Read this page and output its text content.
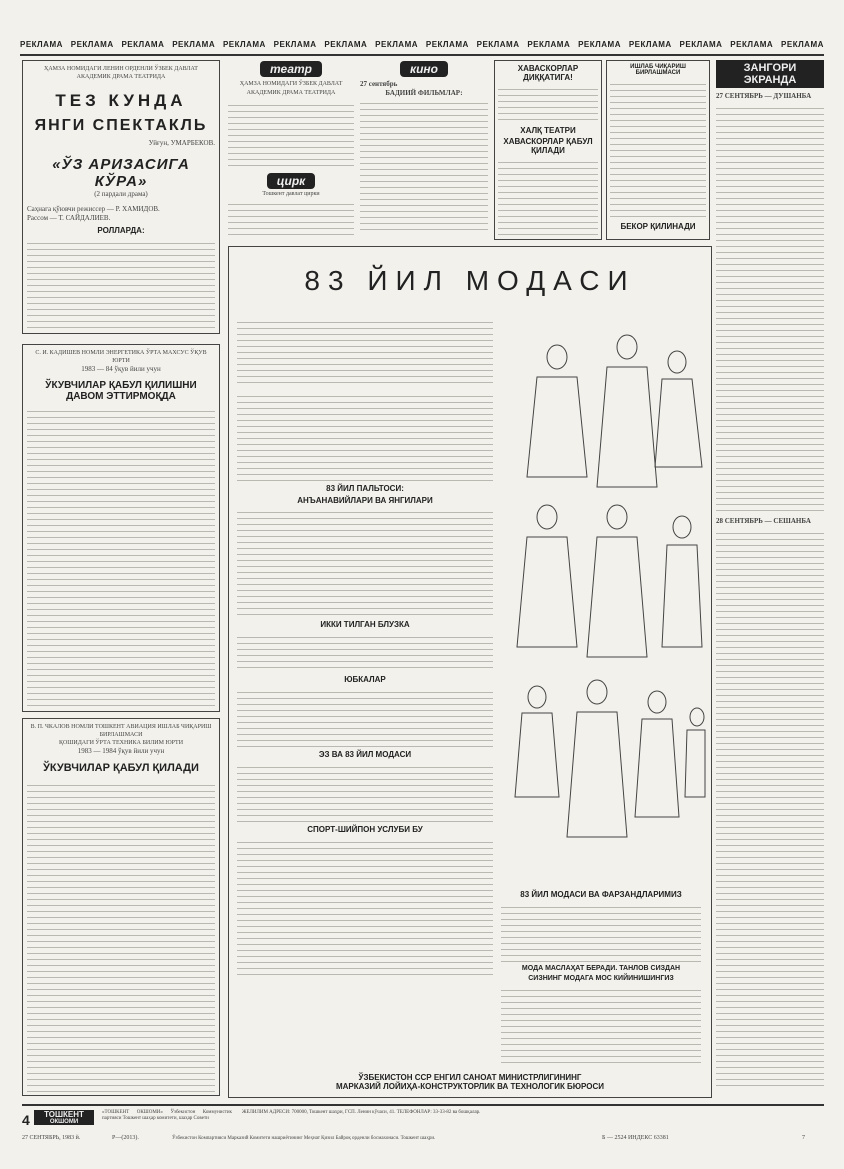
РЕКЛАМА РЕКЛАМА РЕКЛАМА РЕКЛАМА РЕКЛАМА РЕКЛАМА РЕКЛАМА РЕКЛАМА РЕКЛАМА РЕКЛАМА РЕКЛАМА РЕКЛАМА РЕКЛАМА РЕКЛАМА РЕКЛАМА РЕКЛАМА
ҲАМЗА НОМИДАГИ ЛЕНИН ОРДЕНЛИ ЎЗБЕК ДАВЛАТ АКАДЕМИК ДРАМА ТЕАТРИДА
ТЕЗ КУНДА
ЯНГИ СПЕКТАКЛЬ
Уйғун, УМАРБЕКОВ.
«ЎЗ АРИЗАСИГА КЎРА»
(2 пардали драма)
Саҳнага қўювчи режиссер — Р. ХАМИДОВ.
Рассом — Т. САЙДАЛИЕВ.
РОЛЛАРДА:
С. И. КАДИШЕВ НОМЛИ ЭНЕРГЕТИКА ЎРТА МАХСУС ЎҚУВ ЮРТИ
1983 — 84 ўқув йили учун
ЎКУВЧИЛАР ҚАБУЛ ҚИЛИШНИ
ДАВОМ ЭТТИРМОҚДА
В. П. ЧКАЛОВ НОМЛИ ТОШКЕНТ АВИАЦИЯ ИШЛАБ ЧИҚАРИШ БИРЛАШМАСИ
ҚОШИДАГИ ЎРТА ТЕХНИКА БИЛИМ ЮРТИ
1983 — 1984 ўқув йили учун
ЎКУВЧИЛАР ҚАБУЛ ҚИЛАДИ
театр
ҲАМЗА НОМИДАГИ ЎЗБЕК ДАВЛАТ АКАДЕМИК ДРАМА ТЕАТРИДА
цирк
Тошкент давлат цирки
кино
27 сентябрь
БАДИИЙ ФИЛЬМЛАР:
ХАВАСКОРЛАР ДИҚҚАТИГА!
ХАЛҚ ТЕАТРИ
ХАВАСКОРЛАР ҚАБУЛ ҚИЛАДИ
ИШЛАБ ЧИҚАРИШ БИРЛАШМАСИ
БЕКОР ҚИЛИНАДИ
ЗАНГОРИ
ЭКРАНДА
27 СЕНТЯБРЬ — ДУШАНБА
28 СЕНТЯБРЬ — СЕШАНБА
83 ЙИЛ МОДАСИ
83 ЙИЛ ПАЛЬТОСИ:
АНЪАНАВИЙЛАРИ ВА ЯНГИЛАРИ
ИККИ ТИЛГАН БЛУЗКА
ЮБКАЛАР
ЭЗ ВА 83 ЙИЛ МОДАСИ
СПОРТ-ШИЙПОН УСЛУБИ БУ
83 ЙИЛ МОДАСИ ВА ФАРЗАНДЛАРИМИЗ
МОДА МАСЛАҲАТ БЕРАДИ. ТАНЛОВ СИЗДАН
СИЗНИНГ МОДАГА МОС КИЙИНИШИНГИЗ
ЎЗБЕКИСТОН ССР ЕНГИЛ САНОАТ МИНИСТРЛИГИНИНГ
МАРКАЗИЙ ЛОЙИҲА-КОНСТРУКТОРЛИК ВА ТЕХНОЛОГИК БЮРОСИ
4	ТОШКЕНТ
ОКШОМИ
«ТОШКЕНТ ОКШОМИ» Ўзбекистон Коммунистик партияси Тошкент шаҳар комитети, шаҳар Совети
ЖЕЛИЛИМ АДРЕСИ: 700000, Тошкент шаҳри, ГСП. Ленин кўчаси, 41. ТЕЛЕФОНЛАР: 33-33-82 ва бошқалар.
27 СЕНТЯБРЬ, 1983 й.	Р—(2013).	Ўзбекистон Компартияси Марказий Комитети нашриётининг Меҳнат Қизил Байроқ орденли босмахонаси. Тошкент шаҳри.	Б — 2524 ИНДЕКС 63381	7
